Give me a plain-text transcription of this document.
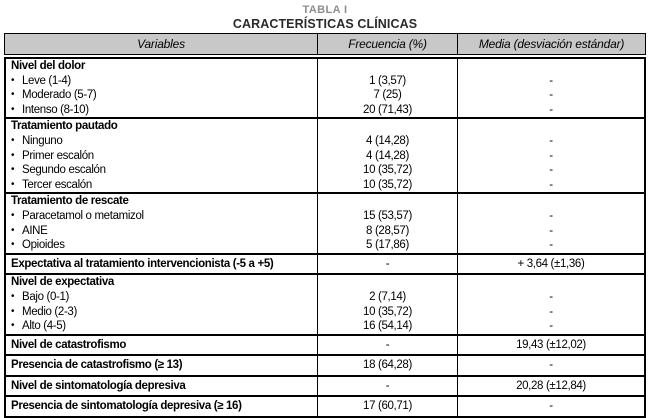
TABLA I
CARACTERÍSTICAS CLÍNICAS
Variables	Frecuencia (%)	Media (desviación estándar)
Nivel del dolor
• Leve (1-4)	1 (3,57)	-
• Moderado (5-7)	7 (25)	-
• Intenso (8-10)	20 (71,43)	-
Tratamiento pautado
• Ninguno	4 (14,28)	-
• Primer escalón	4 (14,28)	-
• Segundo escalón	10 (35,72)	-
• Tercer escalón	10 (35,72)	-
Tratamiento de rescate
• Paracetamol o metamizol	15 (53,57)	-
• AINE	8 (28,57)	-
• Opioides	5 (17,86)	-
Expectativa al tratamiento intervencionista (-5 a +5)	-	+ 3,64 (±1,36)
Nivel de expectativa
• Bajo (0-1)	2 (7,14)	-
• Medio (2-3)	10 (35,72)	-
• Alto (4-5)	16 (54,14)	-
Nivel de catastrofismo	-	19,43 (±12,02)
Presencia de catastrofismo (≥ 13)	18 (64,28)	-
Nivel de sintomatología depresiva	-	20,28 (±12,84)
Presencia de sintomatología depresiva (≥ 16)	17 (60,71)	-
